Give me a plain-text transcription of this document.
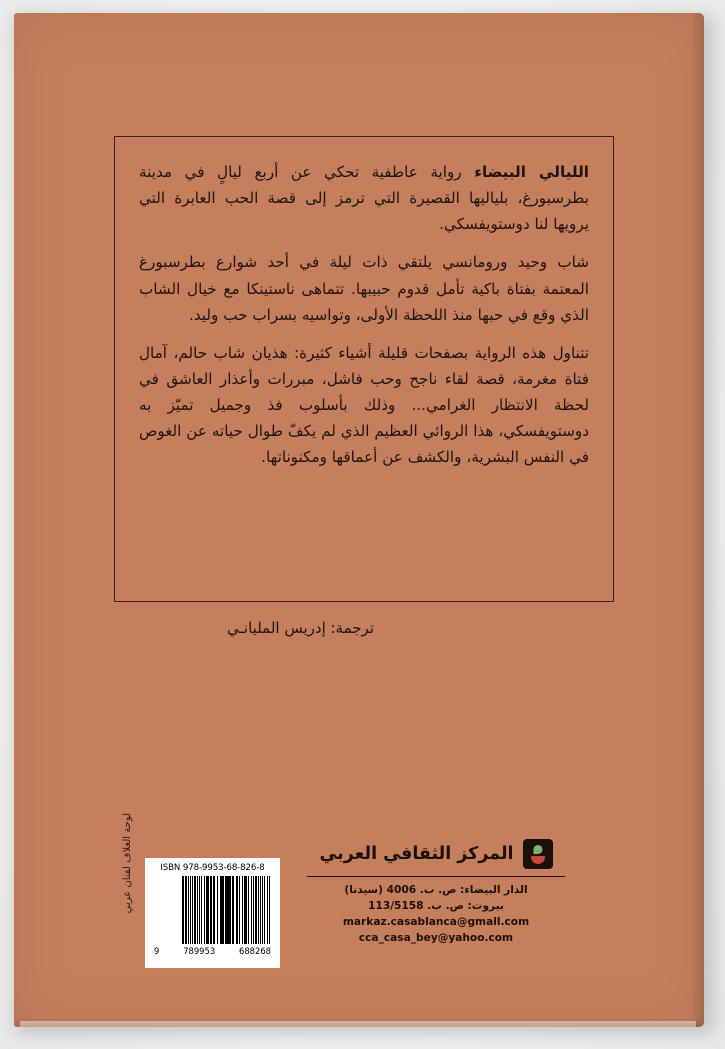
الليالي البيضاء رواية عاطفية تحكي عن أربع ليالٍ في مدينة بطرسبورغ، بلياليها القصيرة التي ترمز إلى قصة الحب العابرة التي يرويها لنا دوستويفسكي.

شاب وحيد ورومانسي يلتقي ذات ليلة في أحد شوارع بطرسبورغ المعتمة بفتاة باكية تأمل قدوم حبيبها. تتماهى ناستينكا مع خيال الشاب الذي وقع في حبها منذ اللحظة الأولى، وتواسيه بسراب حب وليد.

تتناول هذه الرواية بصفحات قليلة أشياء كثيرة: هذيان شاب حالم، آمال فتاة مغرمة، قصة لقاء ناجح وحب فاشل، مبررات وأعذار العاشق في لحظة الانتظار الغرامي... وذلك بأسلوب فذ وجميل تميّز به دوستويفسكي، هذا الروائي العظيم الذي لم يكفّ طوال حياته عن الغوص في النفس البشرية، والكشف عن أعماقها ومكنوناتها.

ترجمة: إدريس المليانـي
المركز الثقافي العربي
الدار البيضاء: ص. ب. 4006 (سيدنا)
بيروت: ص. ب. 113/5158
markaz.casablanca@gmall.com
cca_casa_bey@yahoo.com
لوحة الغلاف لفنان عربي	ISBN 978-9953-68-826-8
9	789953	688268
